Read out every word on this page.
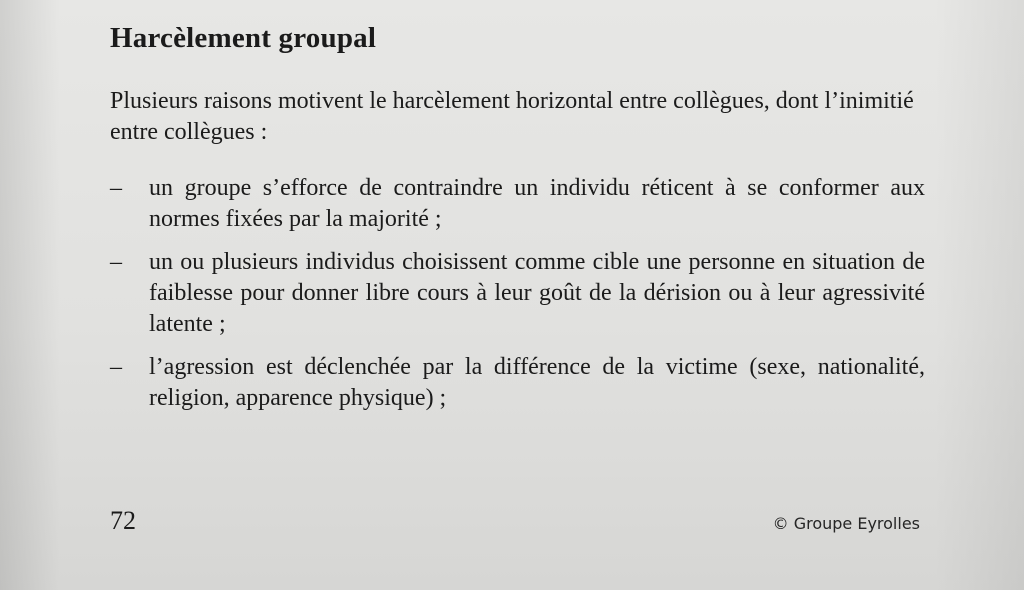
Harcèlement groupal
Plusieurs raisons motivent le harcèlement horizontal entre collègues, dont l’inimitié entre collègues :
– un groupe s’efforce de contraindre un individu réticent à se conformer aux normes fixées par la majorité ;
– un ou plusieurs individus choisissent comme cible une personne en situation de faiblesse pour donner libre cours à leur goût de la dérision ou à leur agressivité latente ;
– l’agression est déclenchée par la différence de la victime (sexe, nationalité, religion, apparence physique) ;
72	© Groupe Eyrolles
